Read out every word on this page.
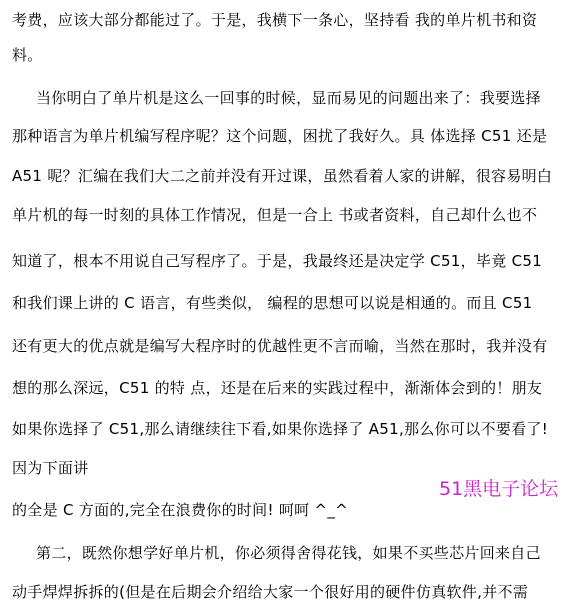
考费，应该大部分都能过了。于是，我横下一条心，坚持看 我的单片机书和资
料。
当你明白了单片机是这么一回事的时候，显而易见的问题出来了：我要选择
那种语言为单片机编写程序呢？这个问题，困扰了我好久。具 体选择 C51 还是
A51 呢？汇编在我们大二之前并没有开过课，虽然看着人家的讲解，很容易明白
单片机的每一时刻的具体工作情况，但是一合上 书或者资料，自己却什么也不
知道了，根本不用说自己写程序了。于是，我最终还是决定学 C51，毕竟 C51
和我们课上讲的 C 语言，有些类似， 编程的思想可以说是相通的。而且 C51
还有更大的优点就是编写大程序时的优越性更不言而喻，当然在那时，我并没有
想的那么深远，C51 的特 点，还是在后来的实践过程中，渐渐体会到的！朋友
如果你选择了 C51,那么请继续往下看,如果你选择了 A51,那么你可以不要看了!
因为下面讲
的全是 C 方面的,完全在浪费你的时间! 呵呵 ^_^
第二，既然你想学好单片机，你必须得舍得花钱，如果不买些芯片回来自己
动手焊焊拆拆的(但是在后期会介绍给大家一个很好用的硬件仿真软件,并不需
51黑电子论坛
